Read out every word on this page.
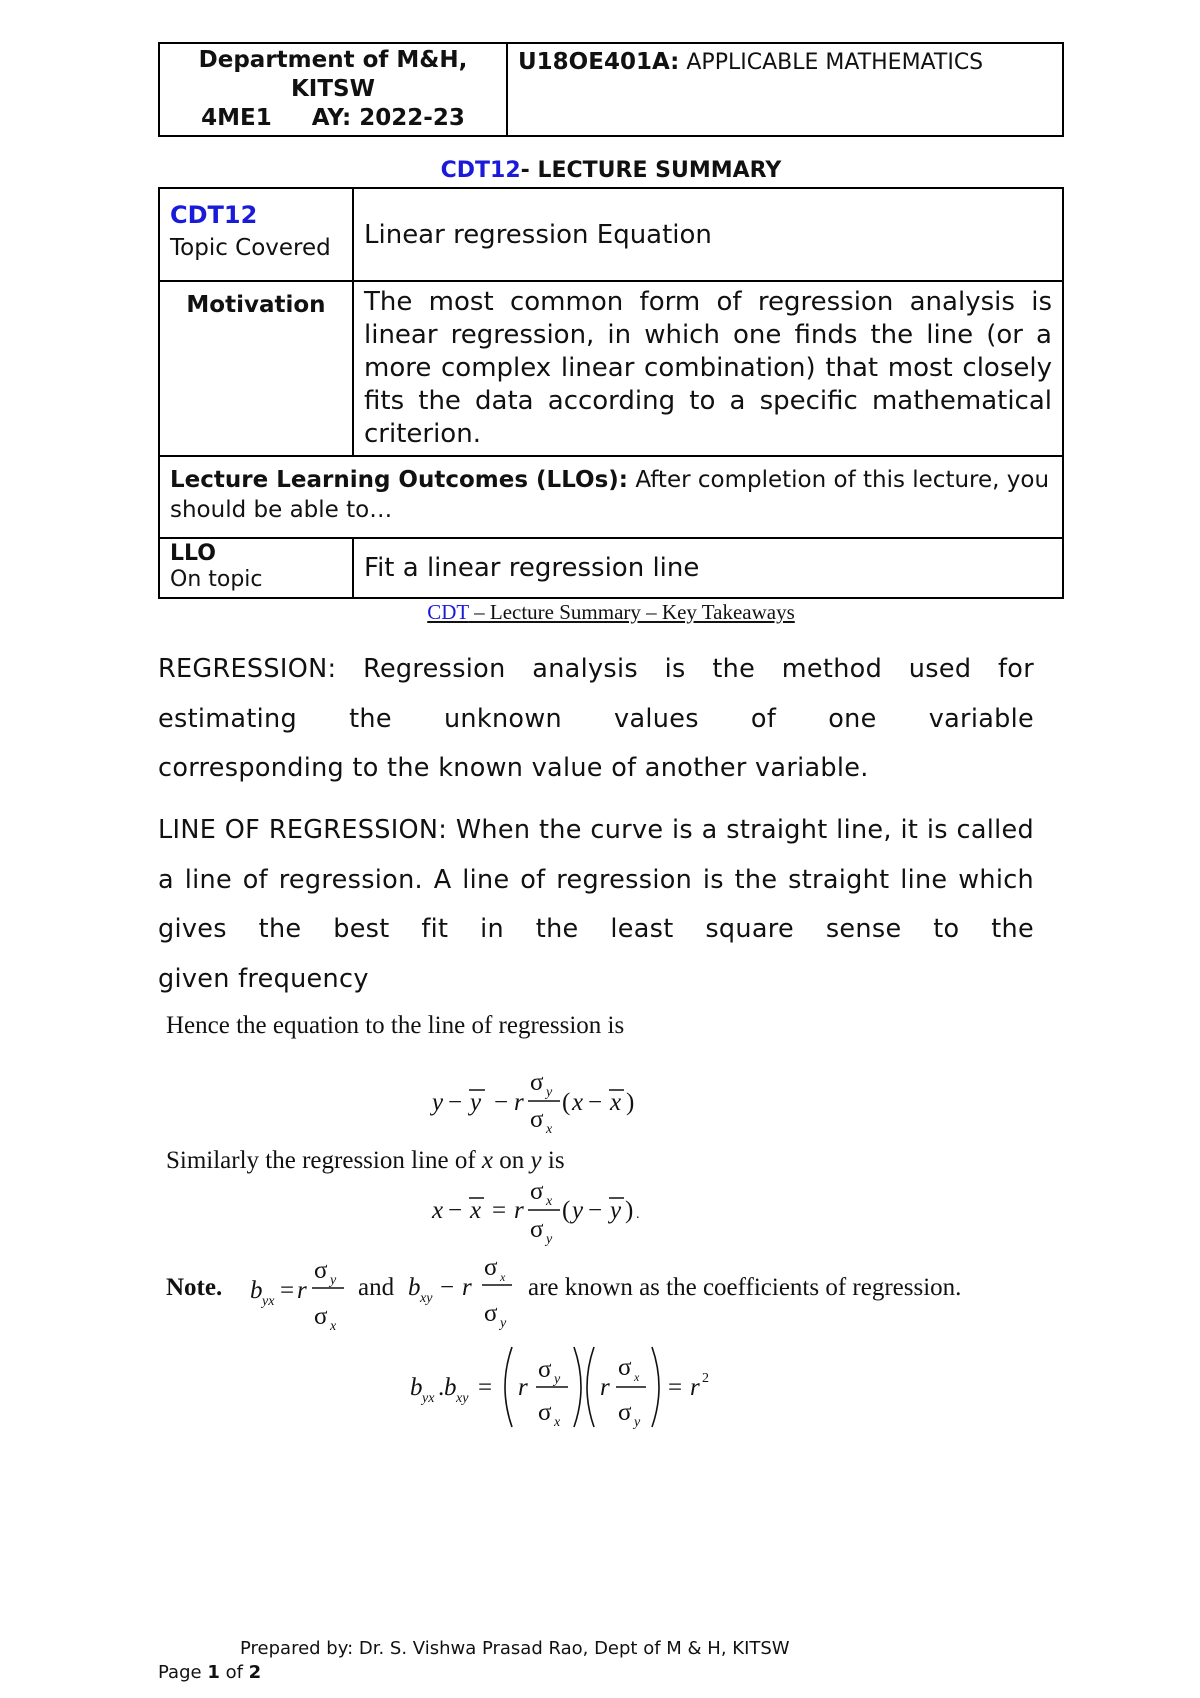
Department of M&H,
KITSW
4ME1     AY: 2022-23
	U18OE401A: APPLICABLE MATHEMATICS
CDT12- LECTURE SUMMARY
CDT12
Topic Covered	Linear regression Equation
Motivation	The most common form of regression analysis is linear regression, in which one finds the line (or a more complex linear combination) that most closely fits the data according to a specific mathematical criterion.
Lecture Learning Outcomes (LLOs): After completion of this lecture, you should be able to…	

LLO
On topic	Fit a linear regression line
CDT – Lecture Summary – Key Takeaways
REGRESSION: Regression analysis is the method used for estimating the unknown values of one variable
corresponding to the known value of another variable.
LINE OF REGRESSION: When the curve is a straight line, it is called a line of regression. A line of regression is the straight line which gives the best fit in the least square sense to the
given frequency
Hence the equation to the line of regression is
y − y − r
σ y
σ x
( x − x )
Similarly the regression line of x on y is
x − x = r
σ x
σ y
( y − y ) .
Note. b yx = r
σ y
σ x
and b xy − r
σ x
σ y
are known as the coefficients of regression.
b yx . b xy = r
σ y
σ x
r
σ x
σ y
= r 2
Prepared by: Dr. S. Vishwa Prasad Rao, Dept of M & H, KITSW
Page 1 of 2
